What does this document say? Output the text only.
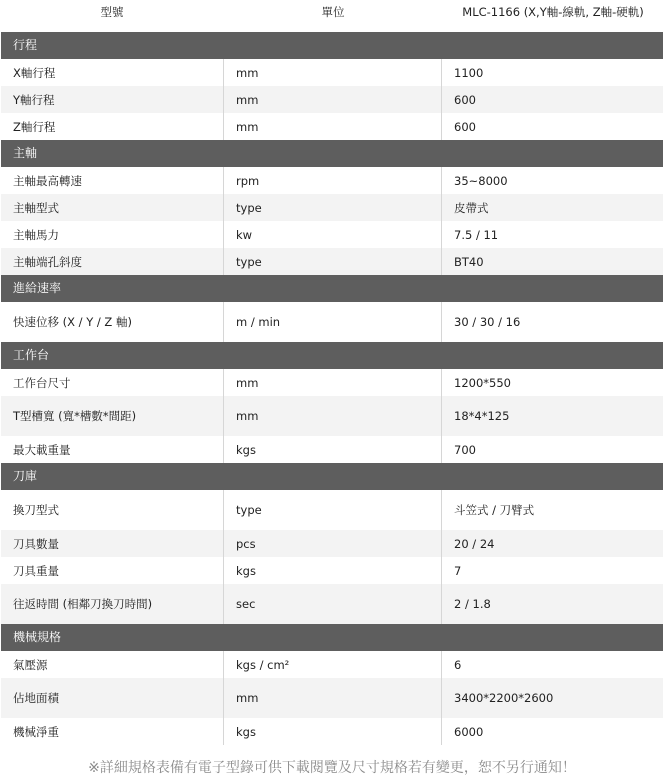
型號	單位	MLC-1166 (X,Y軸-線軌, Z軸-硬軌)
行程
X軸行程	mm	1100
Y軸行程	mm	600
Z軸行程	mm	600
主軸
主軸最高轉速	rpm	35~8000
主軸型式	type	皮帶式
主軸馬力	kw	7.5 / 11
主軸端孔斜度	type	BT40
進給速率
快速位移 (X / Y / Z 軸)	m / min	30 / 30 / 16
工作台
工作台尺寸	mm	1200*550
T型槽寬 (寬*槽數*間距)	mm	18*4*125
最大載重量	kgs	700
刀庫
換刀型式	type	斗笠式 / 刀臂式
刀具數量	pcs	20 / 24
刀具重量	kgs	7
往返時間 (相鄰刀換刀時間)	sec	2 / 1.8
機械規格
氣壓源	kgs / cm²	6
佔地面積	mm	3400*2200*2600
機械淨重	kgs	6000
※詳細規格表備有電子型錄可供下載閱覽及尺寸規格若有變更，恕不另行通知！
